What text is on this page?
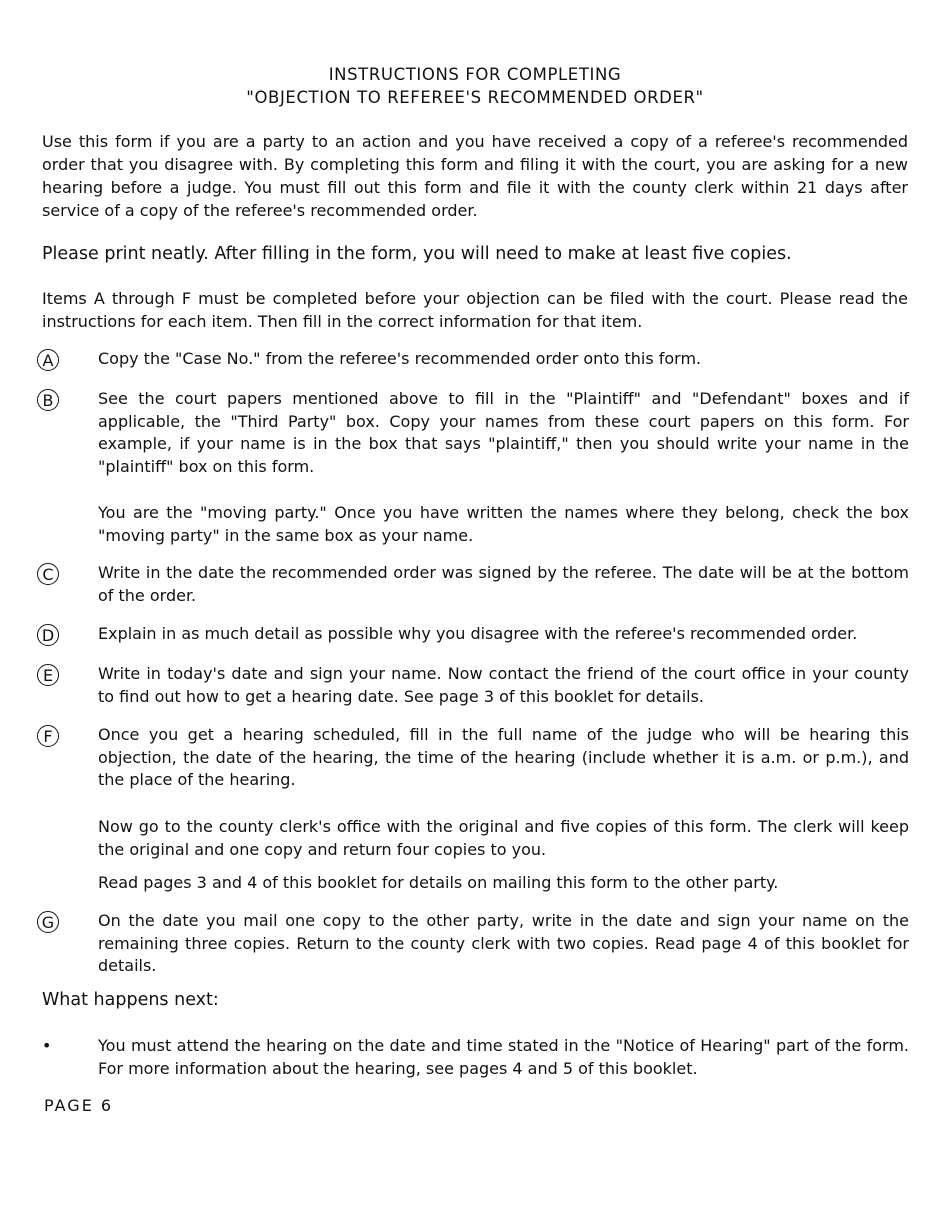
INSTRUCTIONS FOR COMPLETING
"OBJECTION TO REFEREE'S RECOMMENDED ORDER"
Use this form if you are a party to an action and you have received a copy of a referee's recommended order that you disagree with. By completing this form and filing it with the court, you are asking for a new hearing before a judge. You must fill out this form and file it with the county clerk within 21 days after service of a copy of the referee's recommended order.
Please print neatly. After filling in the form, you will need to make at least five copies.
Items A through F must be completed before your objection can be filed with the court. Please read the instructions for each item. Then fill in the correct information for that item.
A	Copy the "Case No." from the referee's recommended order onto this form.
B	See the court papers mentioned above to fill in the "Plaintiff" and "Defendant" boxes and if applicable, the "Third Party" box. Copy your names from these court papers on this form. For example, if your name is in the box that says "plaintiff," then you should write your name in the "plaintiff" box on this form.
You are the "moving party." Once you have written the names where they belong, check the box "moving party" in the same box as your name.
C	Write in the date the recommended order was signed by the referee. The date will be at the bottom of the order.
D	Explain in as much detail as possible why you disagree with the referee's recommended order.
E	Write in today's date and sign your name. Now contact the friend of the court office in your county to find out how to get a hearing date. See page 3 of this booklet for details.
F	Once you get a hearing scheduled, fill in the full name of the judge who will be hearing this objection, the date of the hearing, the time of the hearing (include whether it is a.m. or p.m.), and the place of the hearing.
Now go to the county clerk's office with the original and five copies of this form. The clerk will keep the original and one copy and return four copies to you.
Read pages 3 and 4 of this booklet for details on mailing this form to the other party.
G	On the date you mail one copy to the other party, write in the date and sign your name on the remaining three copies. Return to the county clerk with two copies. Read page 4 of this booklet for details.
What happens next:
•	You must attend the hearing on the date and time stated in the "Notice of Hearing" part of the form. For more information about the hearing, see pages 4 and 5 of this booklet.
PAGE 6
